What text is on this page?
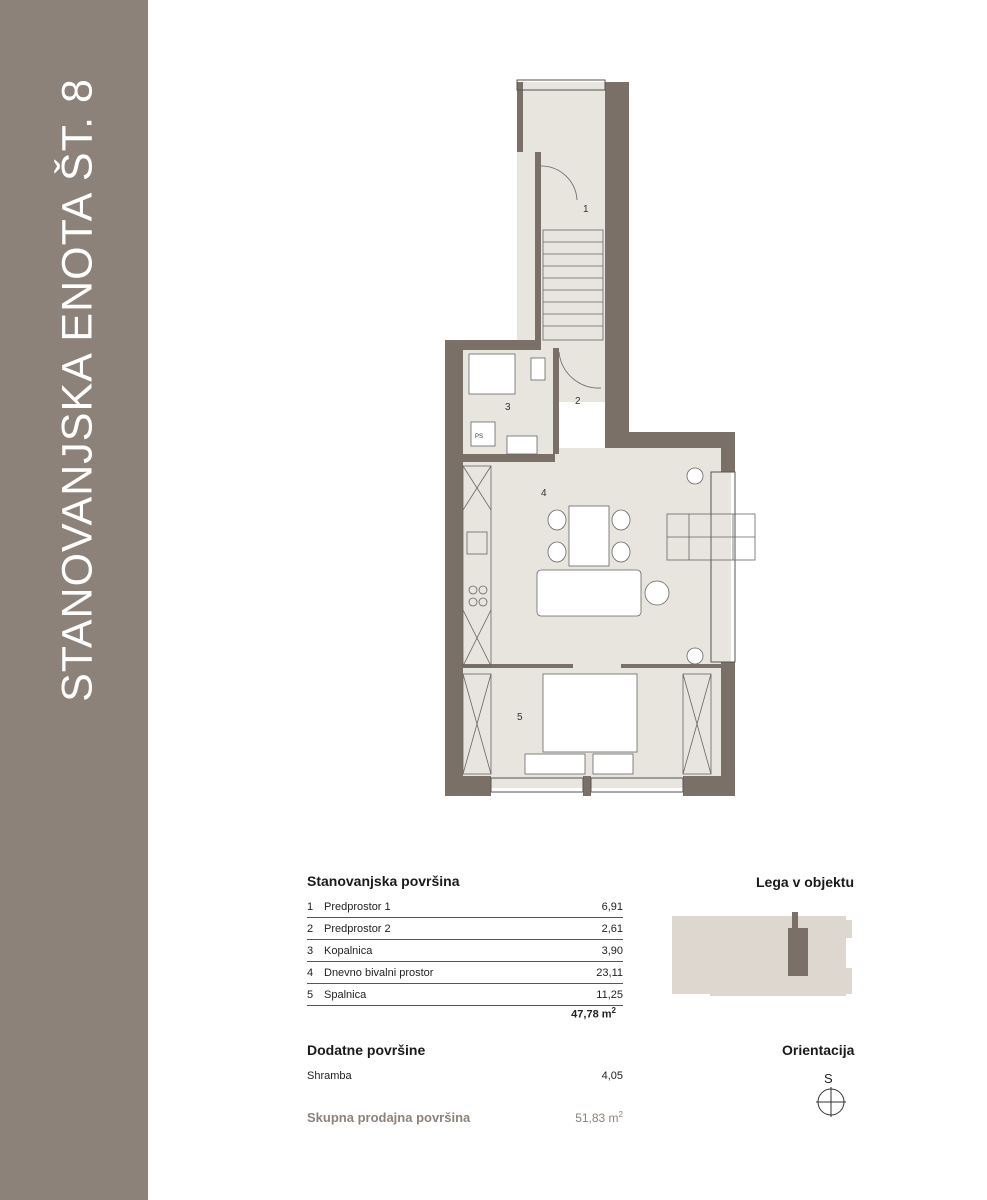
STANOVANJSKA ENOTA ŠT. 8	1
2
3
4
5
PS
Stanovanjska površina
1 Predprostor 1	6,91
2 Predprostor 2	2,61
3 Kopalnica	3,90
4 Dnevno bivalni prostor	23,11
5 Spalnica	11,25
47,78 $m^2$
Dodatne površine
Shramba	4,05
Skupna prodajna površina	51,83 $m^2$
Lega v objektu
Orientacija
S
